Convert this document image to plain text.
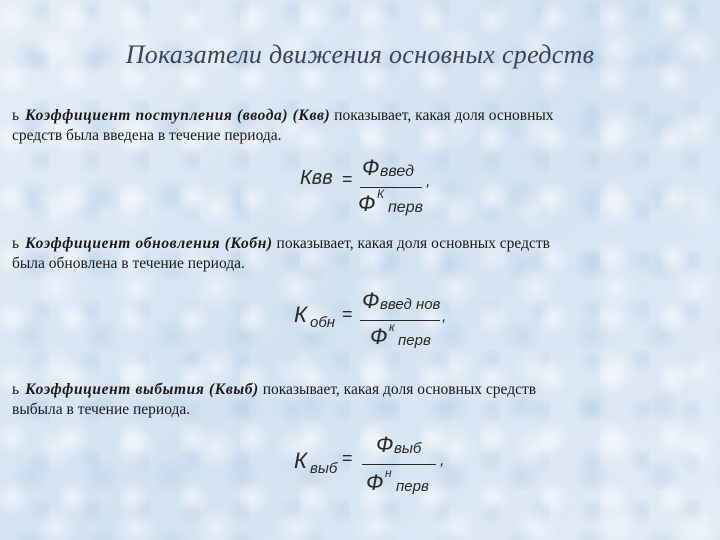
Показатели движения основных средств
ь Коэффициент поступления (ввода) (Квв) показывает, какая доля основных
средств была введена в течение периода.
Квв = Ф введ
Ф К
перв
,
ь Коэффициент обновления (Кобн) показывает, какая доля основных средств
была обновлена в течение периода.
К обн =
Ф введ нов
Ф к
перв
,
ь Коэффициент выбытия (Квыб) показывает, какая доля основных средств
выбыла в течение периода.
К выб
=
Ф выб
Ф н
перв
,
